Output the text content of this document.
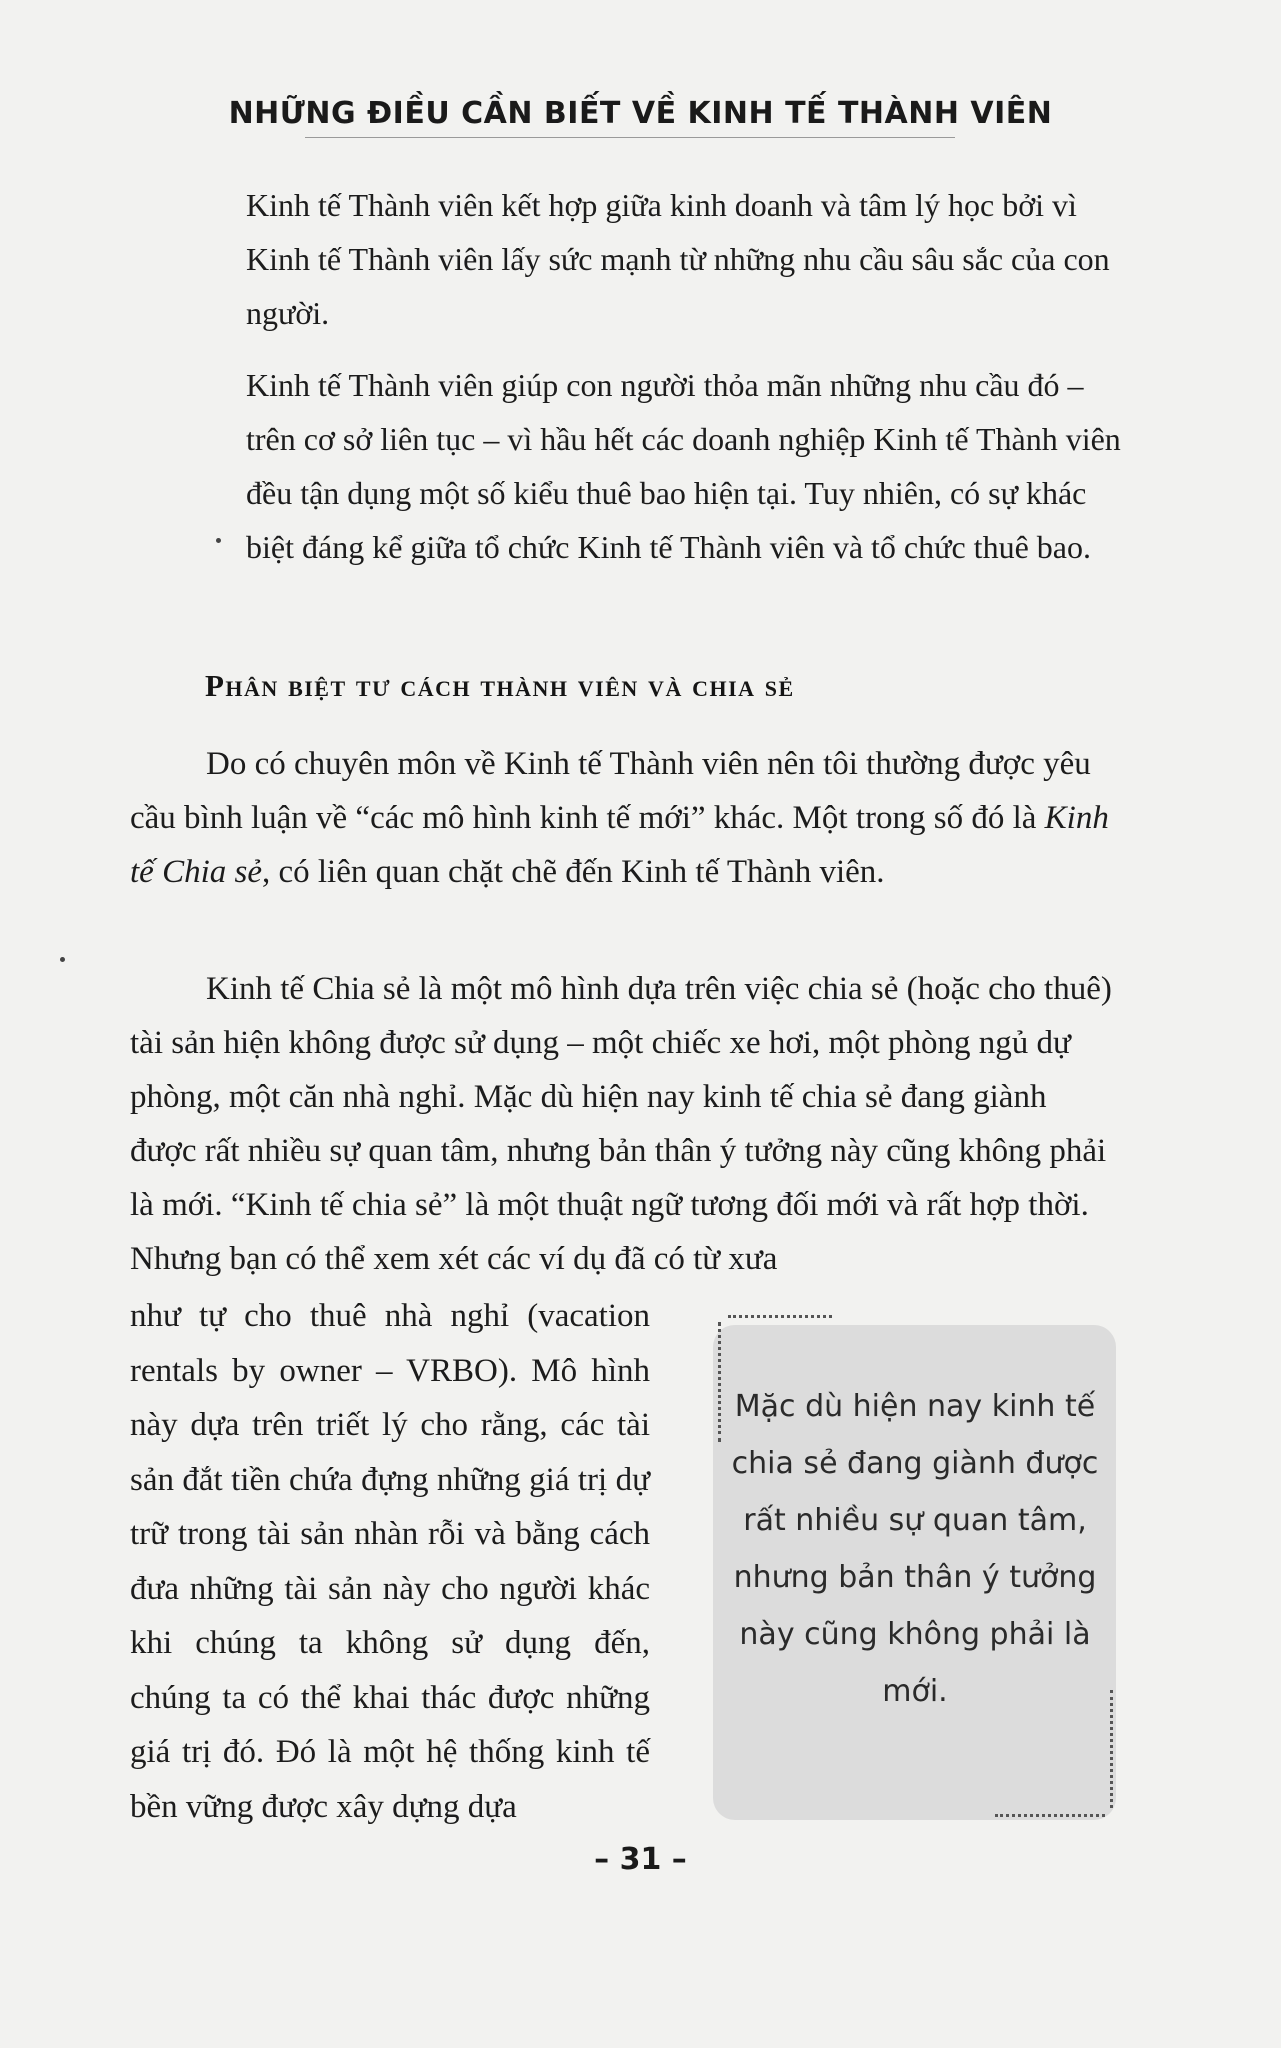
NHỮNG ĐIỀU CẦN BIẾT VỀ KINH TẾ THÀNH VIÊN

Kinh tế Thành viên kết hợp giữa kinh doanh và tâm lý học bởi vì Kinh tế Thành viên lấy sức mạnh từ những nhu cầu sâu sắc của con người.

Kinh tế Thành viên giúp con người thỏa mãn những nhu cầu đó – trên cơ sở liên tục – vì hầu hết các doanh nghiệp Kinh tế Thành viên đều tận dụng một số kiểu thuê bao hiện tại. Tuy nhiên, có sự khác biệt đáng kể giữa tổ chức Kinh tế Thành viên và tổ chức thuê bao.

Phân biệt tư cách thành viên và chia sẻ

Do có chuyên môn về Kinh tế Thành viên nên tôi thường được yêu cầu bình luận về “các mô hình kinh tế mới” khác. Một trong số đó là Kinh tế Chia sẻ, có liên quan chặt chẽ đến Kinh tế Thành viên.

Kinh tế Chia sẻ là một mô hình dựa trên việc chia sẻ (hoặc cho thuê) tài sản hiện không được sử dụng – một chiếc xe hơi, một phòng ngủ dự phòng, một căn nhà nghỉ. Mặc dù hiện nay kinh tế chia sẻ đang giành được rất nhiều sự quan tâm, nhưng bản thân ý tưởng này cũng không phải là mới. “Kinh tế chia sẻ” là một thuật ngữ tương đối mới và rất hợp thời. Nhưng bạn có thể xem xét các ví dụ đã có từ xưa

như tự cho thuê nhà nghỉ (vacation rentals by owner – VRBO). Mô hình này dựa trên triết lý cho rằng, các tài sản đắt tiền chứa đựng những giá trị dự trữ trong tài sản nhàn rỗi và bằng cách đưa những tài sản này cho người khác khi chúng ta không sử dụng đến, chúng ta có thể khai thác được những giá trị đó. Đó là một hệ thống kinh tế bền vững được xây dựng dựa

Mặc dù hiện nay kinh tế chia sẻ đang giành được rất nhiều sự quan tâm, nhưng bản thân ý tưởng này cũng không phải là mới.
– 31 –
